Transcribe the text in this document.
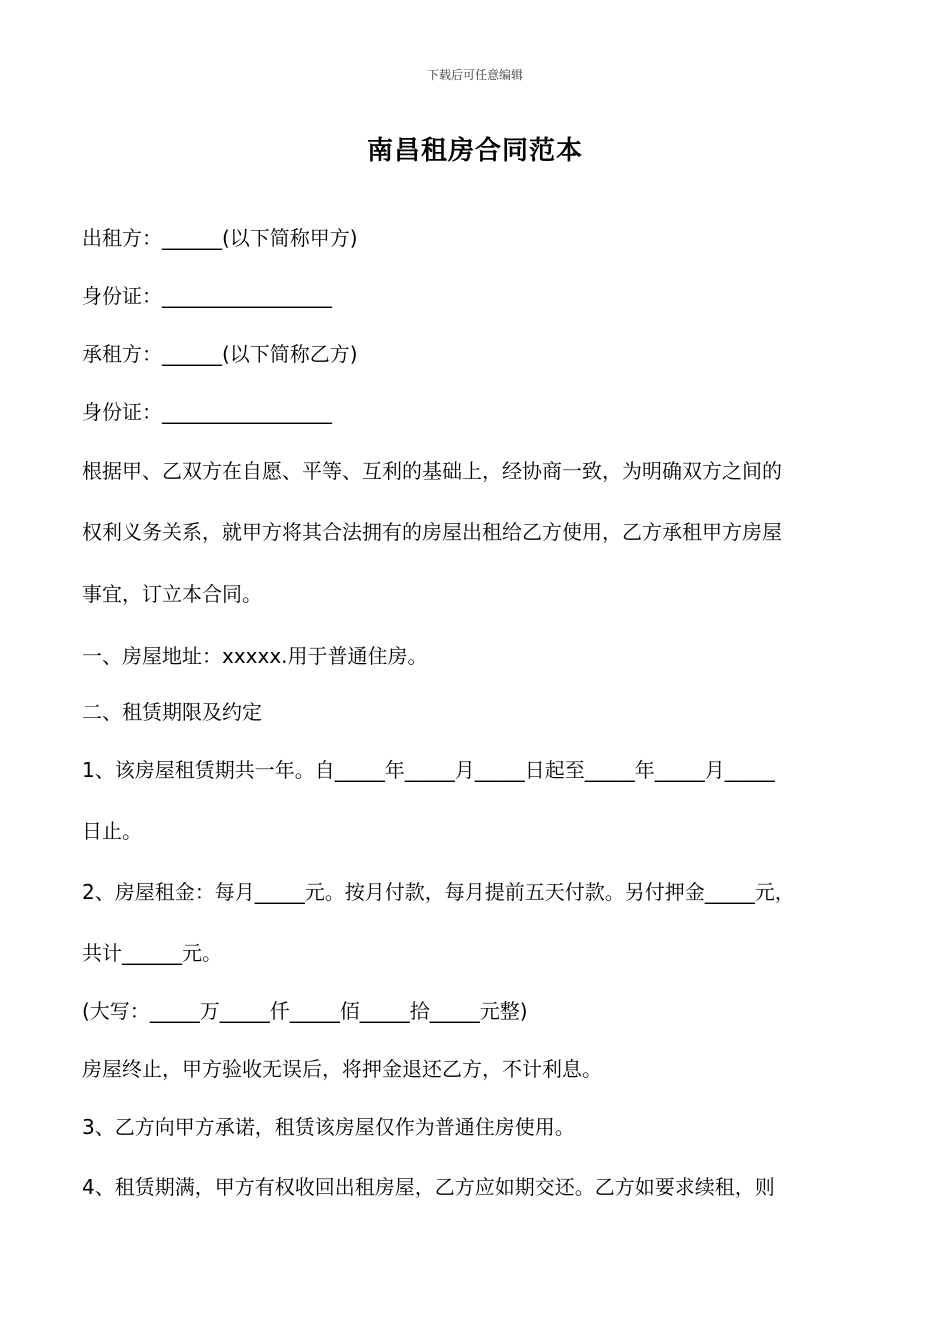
下载后可任意编辑
南昌租房合同范本
出租方：______(以下简称甲方)
身份证：_________________
承租方：______(以下简称乙方)
身份证：_________________
根据甲、乙双方在自愿、平等、互利的基础上，经协商一致，为明确双方之间的
权利义务关系，就甲方将其合法拥有的房屋出租给乙方使用，乙方承租甲方房屋
事宜，订立本合同。
一、房屋地址：xxxxx.用于普通住房。
二、租赁期限及约定
1、该房屋租赁期共一年。自_____年_____月_____日起至_____年_____月_____
日止。
2、房屋租金：每月_____元。按月付款，每月提前五天付款。另付押金_____元，
共计______元。
(大写：_____万_____仟_____佰_____拾_____元整)
房屋终止，甲方验收无误后，将押金退还乙方，不计利息。
3、乙方向甲方承诺，租赁该房屋仅作为普通住房使用。
4、租赁期满，甲方有权收回出租房屋，乙方应如期交还。乙方如要求续租，则
